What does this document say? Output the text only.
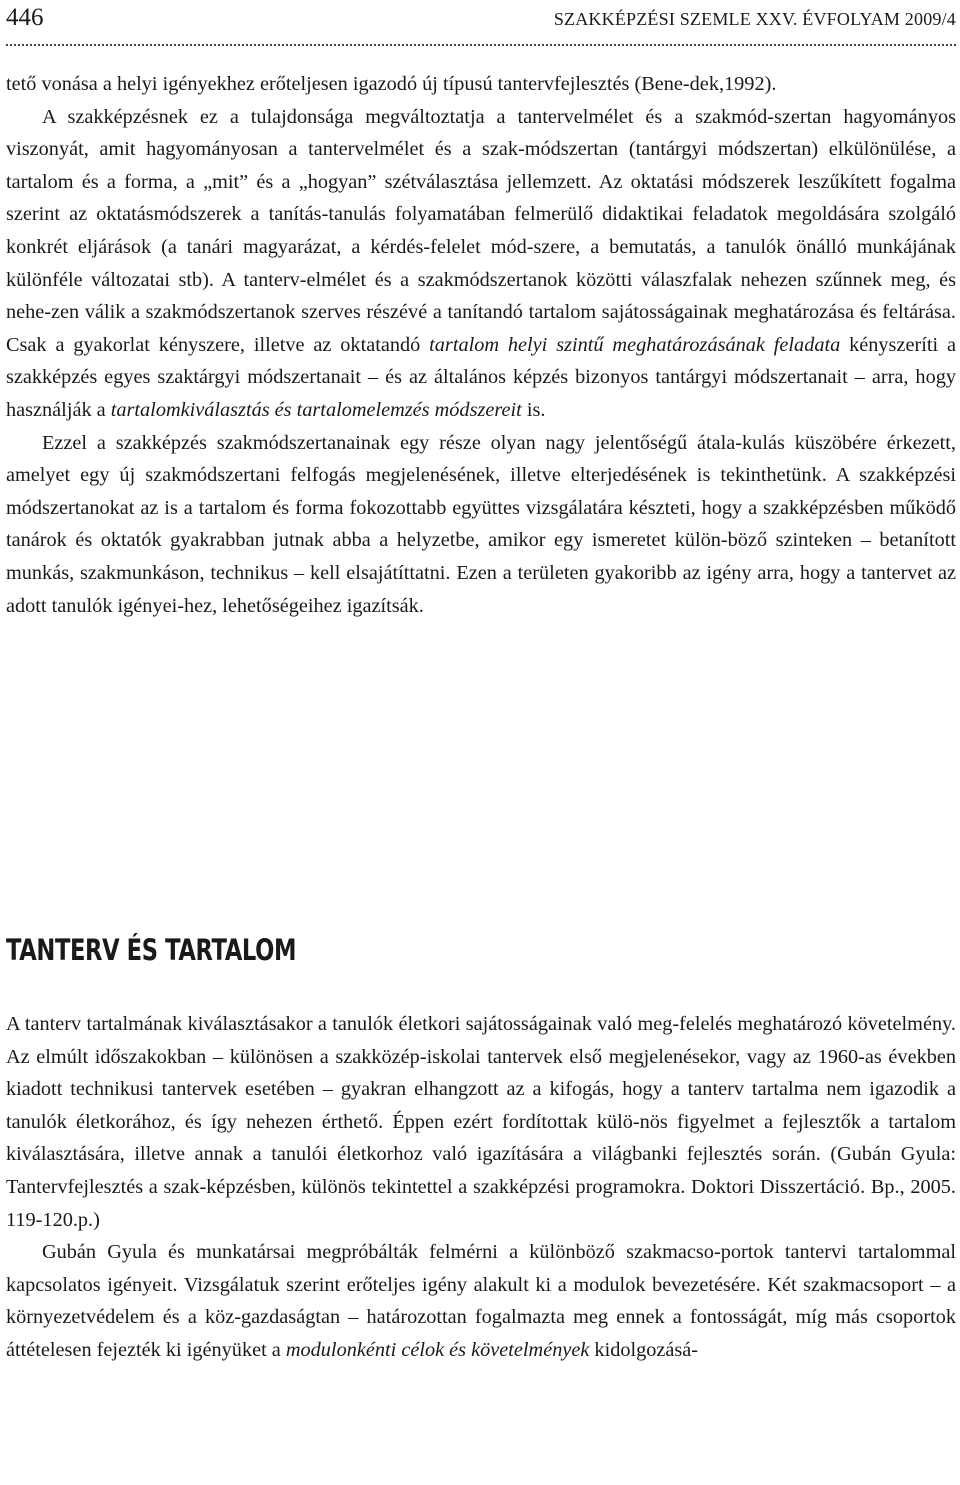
446	SZAKKÉPZÉSI SZEMLE XXV. ÉVFOLYAM 2009/4

tető vonása a helyi igényekhez erőteljesen igazodó új típusú tantervfejlesztés (Bene-dek,1992).

A szakképzésnek ez a tulajdonsága megváltoztatja a tantervelmélet és a szakmód-szertan hagyományos viszonyát, amit hagyományosan a tantervelmélet és a szak-módszertan (tantárgyi módszertan) elkülönülése, a tartalom és a forma, a „mit” és a „hogyan” szétválasztása jellemzett. Az oktatási módszerek leszűkített fogalma szerint az oktatásmódszerek a tanítás-tanulás folyamatában felmerülő didaktikai feladatok megoldására szolgáló konkrét eljárások (a tanári magyarázat, a kérdés-felelet mód-szere, a bemutatás, a tanulók önálló munkájának különféle változatai stb). A tanterv-elmélet és a szakmódszertanok közötti válaszfalak nehezen szűnnek meg, és nehe-zen válik a szakmódszertanok szerves részévé a tanítandó tartalom sajátosságainak meghatározása és feltárása. Csak a gyakorlat kényszere, illetve az oktatandó tartalom helyi szintű meghatározásának feladata kényszeríti a szakképzés egyes szaktárgyi módszertanait – és az általános képzés bizonyos tantárgyi módszertanait – arra, hogy használják a tartalomkiválasztás és tartalomelemzés módszereit is.

Ezzel a szakképzés szakmódszertanainak egy része olyan nagy jelentőségű átala-kulás küszöbére érkezett, amelyet egy új szakmódszertani felfogás megjelenésének, illetve elterjedésének is tekinthetünk. A szakképzési módszertanokat az is a tartalom és forma fokozottabb együttes vizsgálatára készteti, hogy a szakképzésben működő tanárok és oktatók gyakrabban jutnak abba a helyzetbe, amikor egy ismeretet külön-böző szinteken – betanított munkás, szakmunkáson, technikus – kell elsajátíttatni. Ezen a területen gyakoribb az igény arra, hogy a tantervet az adott tanulók igényei-hez, lehetőségeihez igazítsák.

TANTERV ÉS TARTALOM

A tanterv tartalmának kiválasztásakor a tanulók életkori sajátosságainak való meg-felelés meghatározó követelmény. Az elmúlt időszakokban – különösen a szakközép-iskolai tantervek első megjelenésekor, vagy az 1960-as években kiadott technikusi tantervek esetében – gyakran elhangzott az a kifogás, hogy a tanterv tartalma nem igazodik a tanulók életkorához, és így nehezen érthető. Éppen ezért fordítottak külö-nös figyelmet a fejlesztők a tartalom kiválasztására, illetve annak a tanulói életkorhoz való igazítására a világbanki fejlesztés során. (Gubán Gyula: Tantervfejlesztés a szak-képzésben, különös tekintettel a szakképzési programokra. Doktori Disszertáció. Bp., 2005. 119-120.p.)

Gubán Gyula és munkatársai megpróbálták felmérni a különböző szakmacso-portok tantervi tartalommal kapcsolatos igényeit. Vizsgálatuk szerint erőteljes igény alakult ki a modulok bevezetésére. Két szakmacsoport – a környezetvédelem és a köz-gazdaságtan – határozottan fogalmazta meg ennek a fontosságát, míg más csoportok áttételesen fejezték ki igényüket a modulonkénti célok és követelmények kidolgozásá-
